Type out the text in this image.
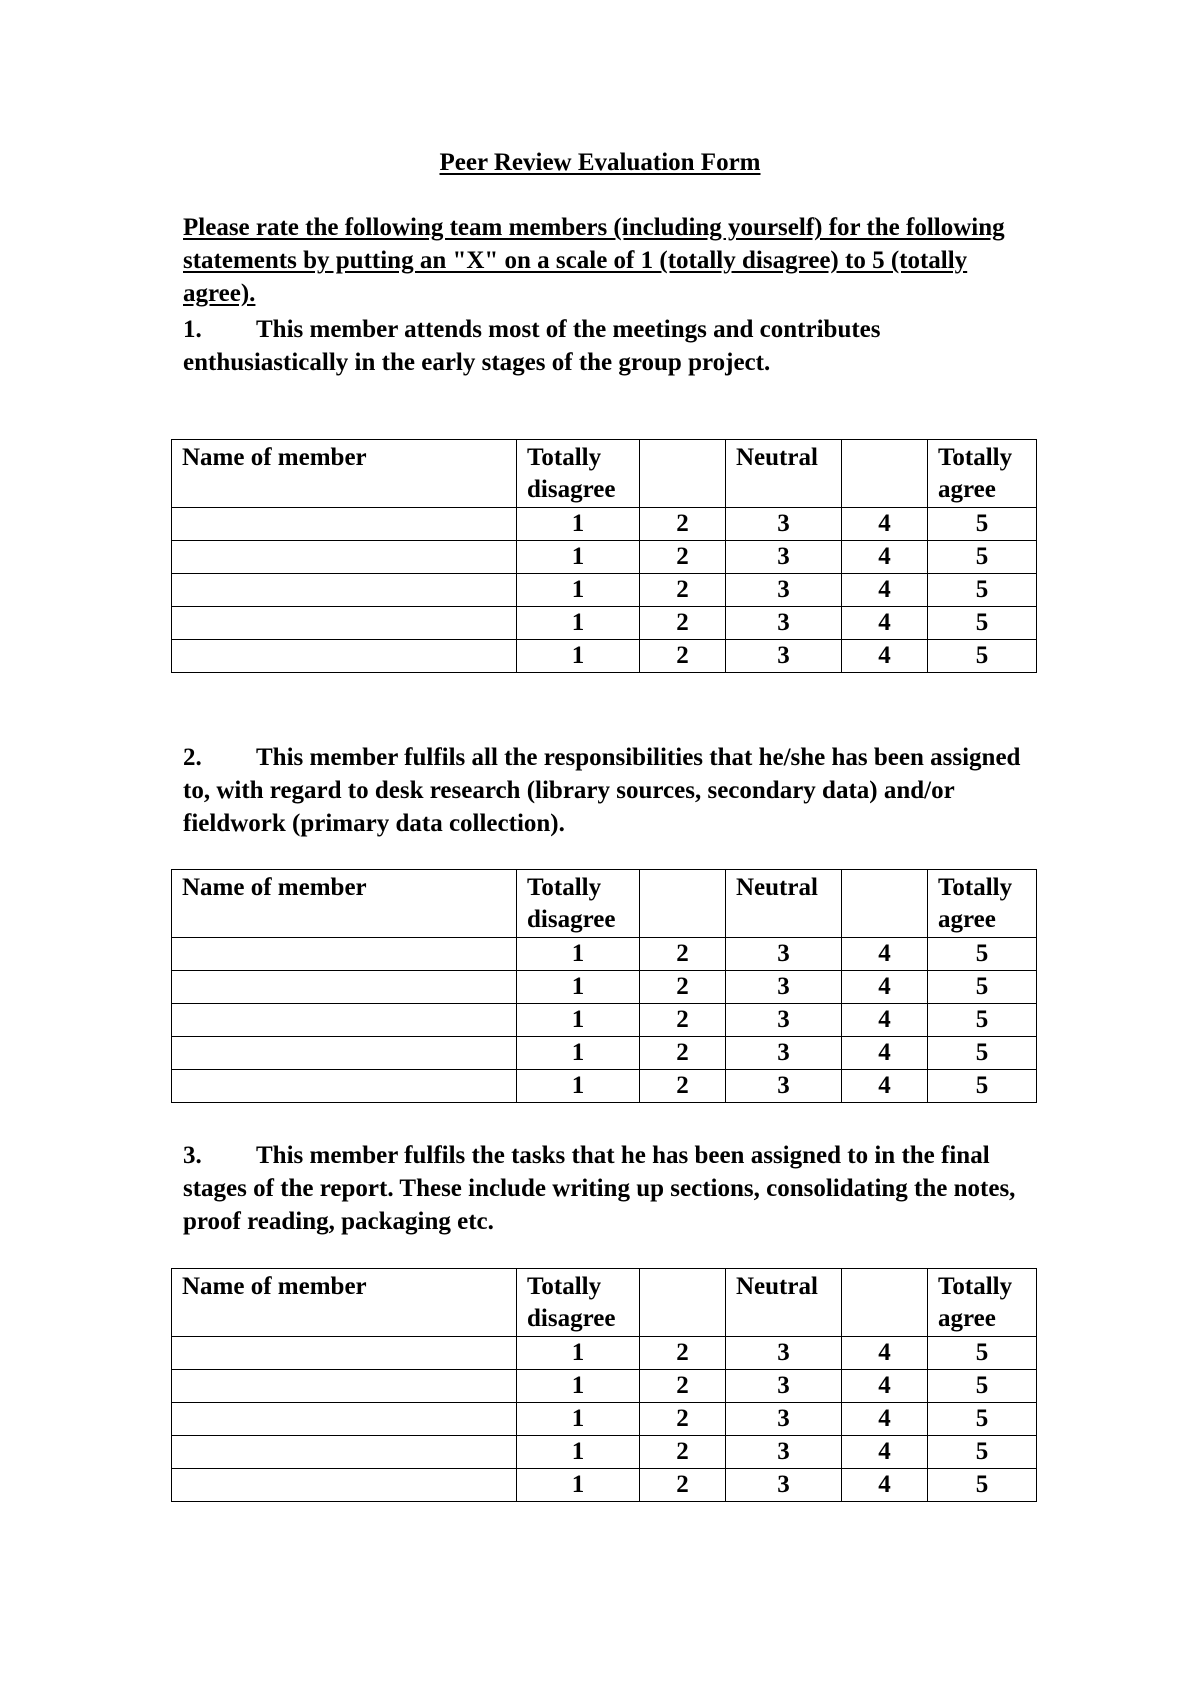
Peer Review Evaluation Form
Please rate the following team members (including yourself) for the following statements by putting an "X" on a scale of 1 (totally disagree) to 5 (totally agree).
1. This member attends most of the meetings and contributes enthusiastically in the early stages of the group project.
Name of member	Totally disagree		Neutral		Totally agree
	1	2	3	4	5
	1	2	3	4	5
	1	2	3	4	5
	1	2	3	4	5
	1	2	3	4	5
2. This member fulfils all the responsibilities that he/she has been assigned to, with regard to desk research (library sources, secondary data) and/or fieldwork (primary data collection).
Name of member	Totally disagree		Neutral		Totally agree
	1	2	3	4	5
	1	2	3	4	5
	1	2	3	4	5
	1	2	3	4	5
	1	2	3	4	5
3. This member fulfils the tasks that he has been assigned to in the final stages of the report. These include writing up sections, consolidating the notes, proof reading, packaging etc.
Name of member	Totally disagree		Neutral		Totally agree
	1	2	3	4	5
	1	2	3	4	5
	1	2	3	4	5
	1	2	3	4	5
	1	2	3	4	5
